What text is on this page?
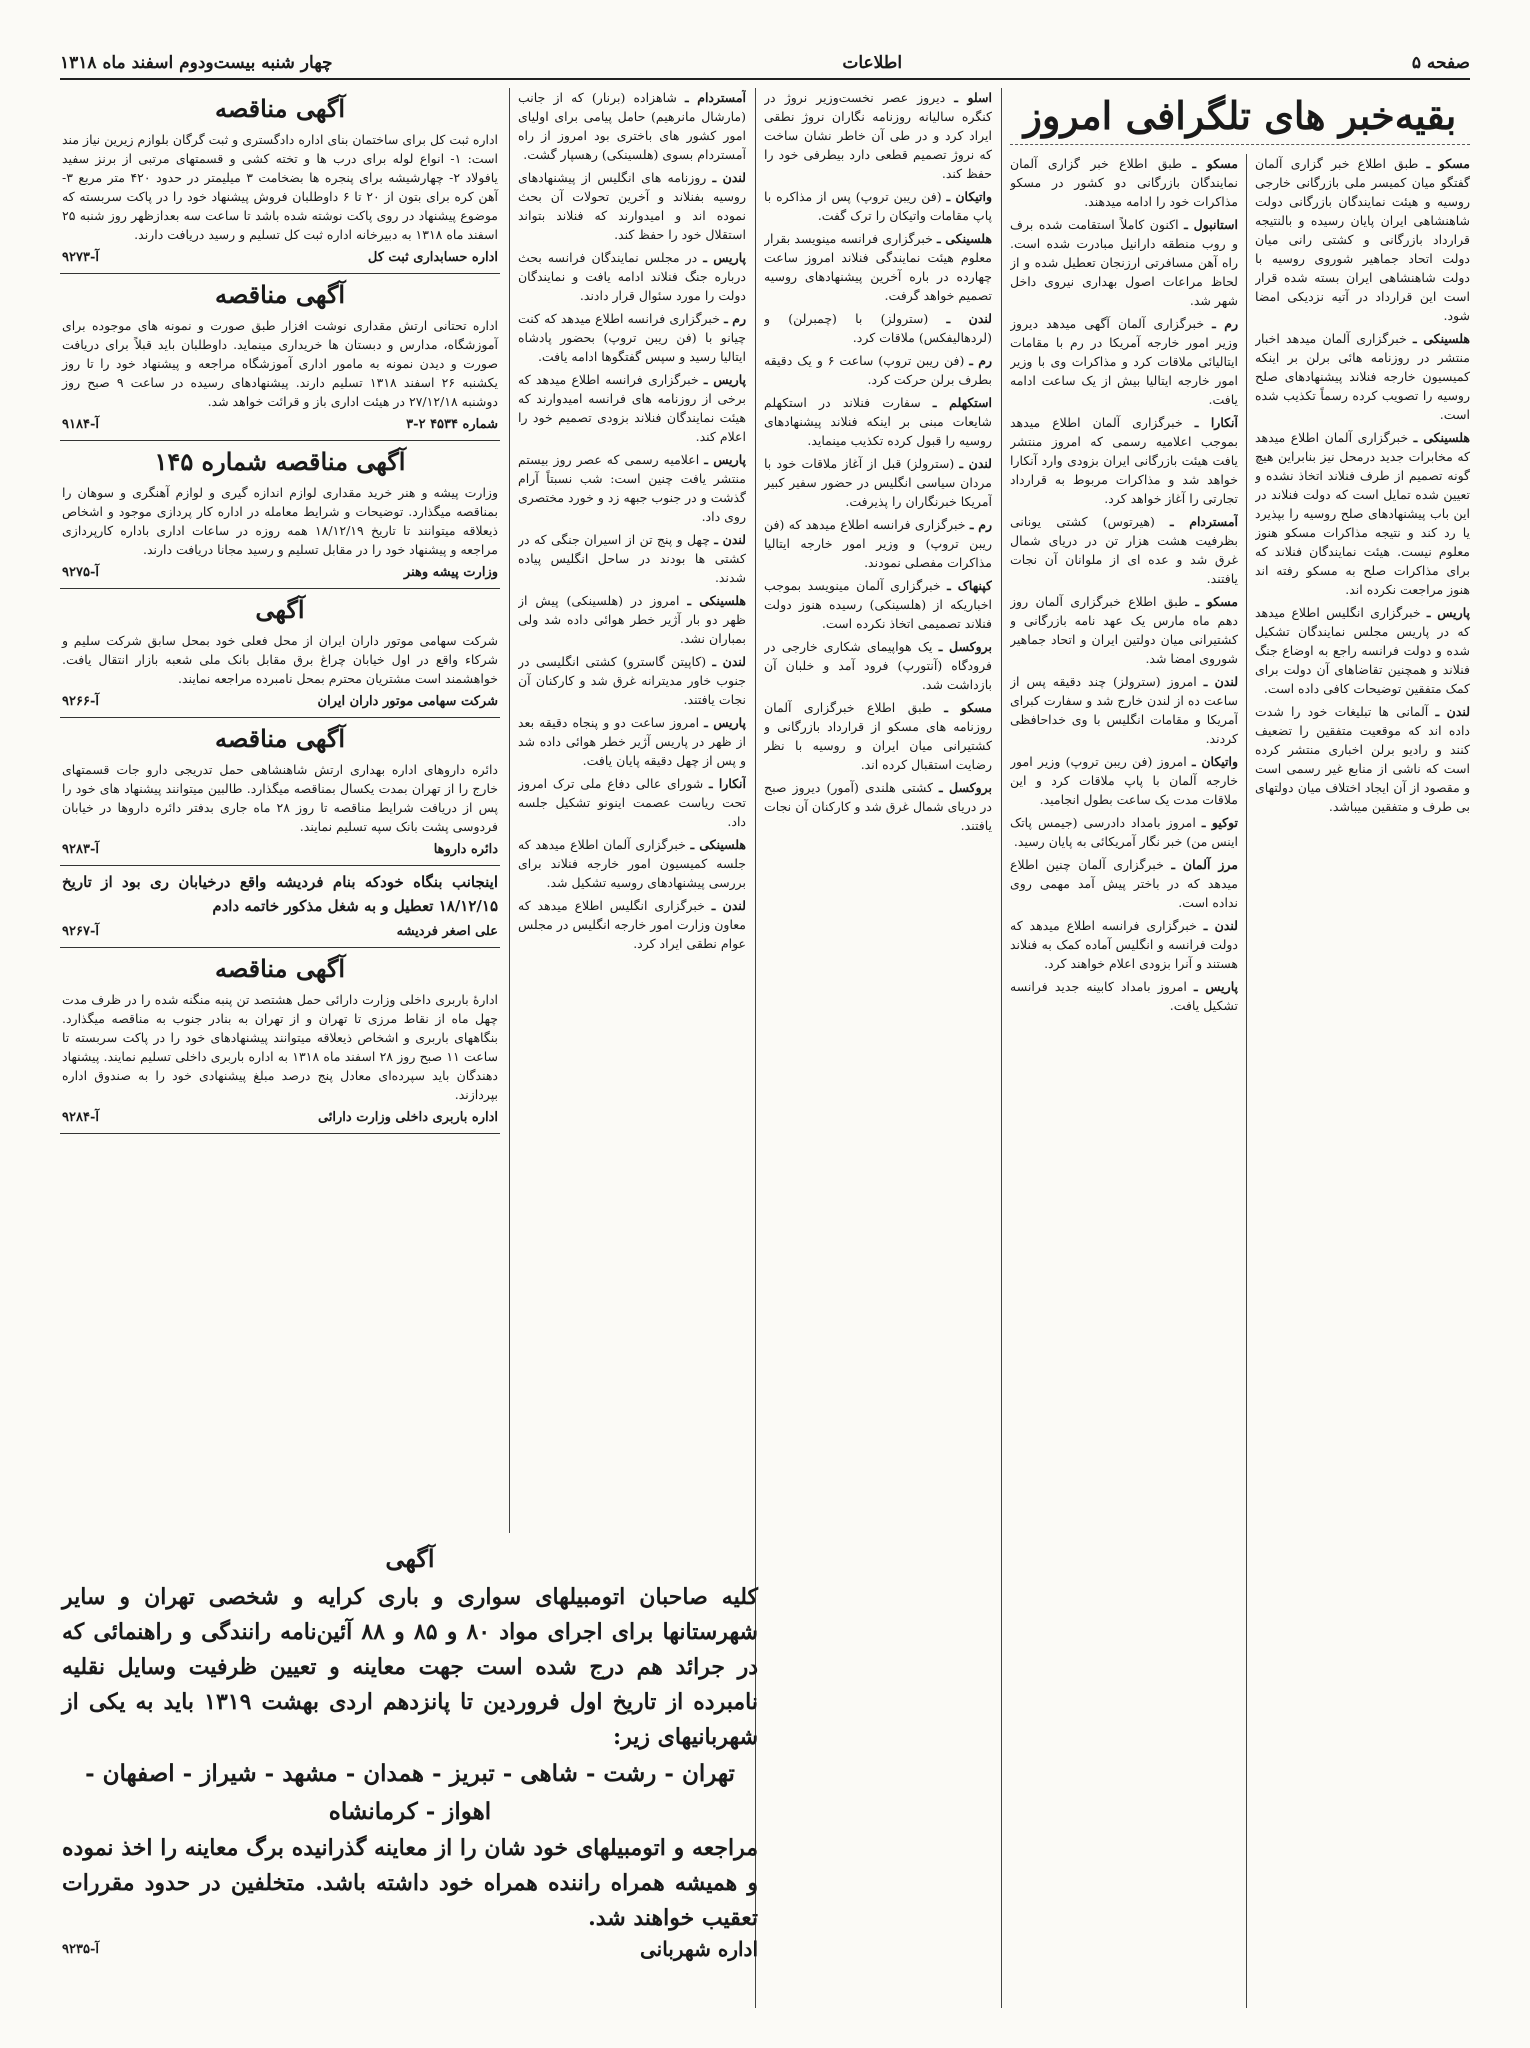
صفحه ۵
اطلاعات
چهار شنبه بیست‌ودوم اسفند ماه ۱۳۱۸

مسکو ـ طبق اطلاع خبر گزاری آلمان گفتگو میان کمیسر ملی بازرگانی خارجی روسیه و هیئت نمایندگان بازرگانی دولت شاهنشاهی ایران پایان رسیده و بالنتیجه قرارداد بازرگانی و کشتی رانی میان دولت اتحاد جماهیر شوروی روسیه با دولت شاهنشاهی ایران بسته شده قرار است این قرارداد در آتیه نزدیکی امضا شود.

هلسینکی ـ خبرگزاری آلمان میدهد اخبار منتشر در روزنامه هائی برلن بر اینکه کمیسیون خارجه فنلاند پیشنهادهای صلح روسیه را تصویب کرده رسماً تکذیب شده است.

هلسینکی ـ خبرگزاری آلمان اطلاع میدهد که مخابرات جدید درمحل نیز بنابراین هیچ گونه تصمیم از طرف فنلاند اتخاذ نشده و تعیین شده تمایل است که دولت فنلاند در این باب پیشنهادهای صلح روسیه را بپذیرد یا رد کند و نتیجه مذاکرات مسکو هنوز معلوم نیست. هیئت نمایندگان فنلاند که برای مذاکرات صلح به مسکو رفته اند هنوز مراجعت نکرده اند.

پاریس ـ خبرگزاری انگلیس اطلاع میدهد که در پاریس مجلس نمایندگان تشکیل شده و دولت فرانسه راجع به اوضاع جنگ فنلاند و همچنین تقاضاهای آن دولت برای کمک متفقین توضیحات کافی داده است.

لندن ـ آلمانی ها تبلیغات خود را شدت داده اند که موقعیت متفقین را تضعیف کنند و رادیو برلن اخباری منتشر کرده است که ناشی از منابع غیر رسمی است و مقصود از آن ایجاد اختلاف میان دولتهای بی طرف و متفقین میباشد.

بقیه‌خبر های تلگرافی امروز

مسکو ـ طبق اطلاع خبر گزاری آلمان نمایندگان بازرگانی دو کشور در مسکو مذاکرات خود را ادامه میدهند.

استانبول ـ اکنون کاملاً استقامت شده برف و روب منطقه دارانیل مبادرت شده است. راه آهن مسافرتی ارزنجان تعطیل شده و از لحاظ مراعات اصول بهداری نیروی داخل شهر شد.

رم ـ خبرگزاری آلمان آگهی میدهد دیروز وزیر امور خارجه آمریکا در رم با مقامات ایتالیائی ملاقات کرد و مذاکرات وی با وزیر امور خارجه ایتالیا بیش از یک ساعت ادامه یافت.

آنکارا ـ خبرگزاری آلمان اطلاع میدهد بموجب اعلامیه رسمی که امروز منتشر یافت هیئت بازرگانی ایران بزودی وارد آنکارا خواهد شد و مذاکرات مربوط به قرارداد تجارتی را آغاز خواهد کرد.

آمستردام ـ (هیرتوس) کشتی یونانی بظرفیت هشت هزار تن در دریای شمال غرق شد و عده ای از ملوانان آن نجات یافتند.

مسکو ـ طبق اطلاع خبرگزاری آلمان روز دهم ماه مارس یک عهد نامه بازرگانی و کشتیرانی میان دولتین ایران و اتحاد جماهیر شوروی امضا شد.

لندن ـ امروز (سترولز) چند دقیقه پس از ساعت ده از لندن خارج شد و سفارت کبرای آمریکا و مقامات انگلیس با وی خداحافظی کردند.

واتیکان ـ امروز (فن ریبن تروپ) وزیر امور خارجه آلمان با پاپ ملاقات کرد و این ملاقات مدت یک ساعت بطول انجامید.

توکیو ـ امروز بامداد دادرسی (جیمس پاتک اینس من) خبر نگار آمریکائی به پایان رسید.

مرز آلمان ـ خبرگزاری آلمان چنین اطلاع میدهد که در باختر پیش آمد مهمی روی نداده است.

لندن ـ خبرگزاری فرانسه اطلاع میدهد که دولت فرانسه و انگلیس آماده کمک به فنلاند هستند و آنرا بزودی اعلام خواهند کرد.

پاریس ـ امروز بامداد کابینه جدید فرانسه تشکیل یافت.

اسلو ـ دیروز عصر نخست‌وزیر نروژ در کنگره سالیانه روزنامه نگاران نروژ نطقی ایراد کرد و در طی آن خاطر نشان ساخت که نروژ تصمیم قطعی دارد بیطرفی خود را حفظ کند.

واتیکان ـ (فن ریبن تروپ) پس از مذاکره با پاپ مقامات واتیکان را ترک گفت.

هلسینکی ـ خبرگزاری فرانسه مینویسد بقرار معلوم هیئت نمایندگی فنلاند امروز ساعت چهارده در باره آخرین پیشنهادهای روسیه تصمیم خواهد گرفت.

لندن ـ (سترولز) با (چمبرلن) و (لردهالیفکس) ملاقات کرد.

رم ـ (فن ریبن تروپ) ساعت ۶ و یک دقیقه بطرف برلن حرکت کرد.

استکهلم ـ سفارت فنلاند در استکهلم شایعات مبنی بر اینکه فنلاند پیشنهادهای روسیه را قبول کرده تکذیب مینماید.

لندن ـ (سترولز) قبل از آغاز ملاقات خود با مردان سیاسی انگلیس در حضور سفیر کبیر آمریکا خبرنگاران را پذیرفت.

رم ـ خبرگزاری فرانسه اطلاع میدهد که (فن ریبن تروپ) و وزیر امور خارجه ایتالیا مذاکرات مفصلی نمودند.

کپنهاک ـ خبرگزاری آلمان مینویسد بموجب اخباریکه از (هلسینکی) رسیده هنوز دولت فنلاند تصمیمی اتخاذ نکرده است.

بروکسل ـ یک هواپیمای شکاری خارجی در فرودگاه (آنتورپ) فرود آمد و خلبان آن بازداشت شد.

مسکو ـ طبق اطلاع خبرگزاری آلمان روزنامه های مسکو از قرارداد بازرگانی و کشتیرانی میان ایران و روسیه با نظر رضایت استقبال کرده اند.

بروکسل ـ کشتی هلندی (آمور) دیروز صبح در دریای شمال غرق شد و کارکنان آن نجات یافتند.

آمستردام ـ شاهزاده (برنار) که از جانب (مارشال مانرهیم) حامل پیامی برای اولیای امور کشور های باختری بود امروز از راه آمستردام بسوی (هلسینکی) رهسپار گشت.

لندن ـ روزنامه های انگلیس از پیشنهادهای روسیه بفنلاند و آخرین تحولات آن بحث نموده اند و امیدوارند که فنلاند بتواند استقلال خود را حفظ کند.

پاریس ـ در مجلس نمایندگان فرانسه بحث درباره جنگ فنلاند ادامه یافت و نمایندگان دولت را مورد سئوال قرار دادند.

رم ـ خبرگزاری فرانسه اطلاع میدهد که کنت چیانو با (فن ریبن تروپ) بحضور پادشاه ایتالیا رسید و سپس گفتگوها ادامه یافت.

پاریس ـ خبرگزاری فرانسه اطلاع میدهد که برخی از روزنامه های فرانسه امیدوارند که هیئت نمایندگان فنلاند بزودی تصمیم خود را اعلام کند.

پاریس ـ اعلامیه رسمی که عصر روز بیستم منتشر یافت چنین است: شب نسبتاً آرام گذشت و در جنوب جبهه زد و خورد مختصری روی داد.

لندن ـ چهل و پنج تن از اسیران جنگی که در کشتی ها بودند در ساحل انگلیس پیاده شدند.

هلسینکی ـ امروز در (هلسینکی) پیش از ظهر دو بار آژیر خطر هوائی داده شد ولی بمباران نشد.

لندن ـ (کاپیتن گاسترو) کشتی انگلیسی در جنوب خاور مدیترانه غرق شد و کارکنان آن نجات یافتند.

پاریس ـ امروز ساعت دو و پنجاه دقیقه بعد از ظهر در پاریس آژیر خطر هوائی داده شد و پس از چهل دقیقه پایان یافت.

آنکارا ـ شورای عالی دفاع ملی ترک امروز تحت ریاست عصمت اینونو تشکیل جلسه داد.

هلسینکی ـ خبرگزاری آلمان اطلاع میدهد که جلسه کمیسیون امور خارجه فنلاند برای بررسی پیشنهادهای روسیه تشکیل شد.

لندن ـ خبرگزاری انگلیس اطلاع میدهد که معاون وزارت امور خارجه انگلیس در مجلس عوام نطقی ایراد کرد.

آگهی مناقصه
اداره ثبت کل برای ساختمان بنای اداره دادگستری و ثبت گرگان بلوازم زیرین نیاز مند است: ۱- انواع لوله برای درب ها و تخته کشی و قسمتهای مرتبی از برنز سفید یافولاد ۲- چهارشیشه برای پنجره ها بضخامت ۳ میلیمتر در حدود ۴۲۰ متر مربع ۳- آهن کره برای بتون از ۲۰ تا ۶ داوطلبان فروش پیشنهاد خود را در پاکت سربسته که موضوع پیشنهاد در روی پاکت نوشته شده باشد تا ساعت سه بعدازظهر روز شنبه ۲۵ اسفند ماه ۱۳۱۸ به دبیرخانه اداره ثبت کل تسلیم و رسید دریافت دارند.
اداره حسابداری ثبت کل
آ-۹۲۷۳
آگهی مناقصه
اداره تحتانی ارتش مقداری نوشت افزار طبق صورت و نمونه های موجوده برای آموزشگاه، مدارس و دبستان ها خریداری مینماید. داوطلبان باید قبلاً برای دریافت صورت و دیدن نمونه به مامور اداری آموزشگاه مراجعه و پیشنهاد خود را تا روز یکشنبه ۲۶ اسفند ۱۳۱۸ تسلیم دارند. پیشنهادهای رسیده در ساعت ۹ صبح روز دوشنبه ۲۷/۱۲/۱۸ در هیئت اداری باز و قرائت خواهد شد.
شماره ۴۵۳۴ ۲-۳
آ-۹۱۸۴
آگهی مناقصه شماره ۱۴۵
وزارت پیشه و هنر خرید مقداری لوازم اندازه گیری و لوازم آهنگری و سوهان را بمناقصه میگذارد. توضیحات و شرایط معامله در اداره کار پردازی موجود و اشخاص ذیعلاقه میتوانند تا تاریخ ۱۸/۱۲/۱۹ همه روزه در ساعات اداری باداره کارپردازی مراجعه و پیشنهاد خود را در مقابل تسلیم و رسید مجانا دریافت دارند.
وزارت پیشه وهنر
آ-۹۲۷۵
آگهی
شرکت سهامی موتور داران ایران از محل فعلی خود بمحل سابق شرکت سلیم و شرکاء واقع در اول خیابان چراغ برق مقابل بانک ملی شعبه بازار انتقال یافت. خواهشمند است مشتریان محترم بمحل نامبرده مراجعه نمایند.
شرکت سهامی موتور داران ایران
آ-۹۲۶۶
آگهی مناقصه
دائره داروهای اداره بهداری ارتش شاهنشاهی حمل تدریجی دارو جات قسمتهای خارج را از تهران بمدت یکسال بمناقصه میگذارد. طالبین میتوانند پیشنهاد های خود را پس از دریافت شرایط مناقصه تا روز ۲۸ ماه جاری بدفتر دائره داروها در خیابان فردوسی پشت بانک سپه تسلیم نمایند.
دائره داروها
آ-۹۲۸۳
اینجانب بنگاه خودکه بنام فردیشه واقع درخیابان ری بود از تاریخ ۱۸/۱۲/۱۵ تعطیل و به شغل مذکور خاتمه دادم
علی اصغر فردیشه
آ-۹۲۶۷
آگهی مناقصه
ادارهٔ باربری داخلی وزارت دارائی حمل هشتصد تن پنبه منگنه شده را در ظرف مدت چهل ماه از نقاط مرزی تا تهران و از تهران به بنادر جنوب به مناقصه میگذارد. بنگاههای باربری و اشخاص ذیعلاقه میتوانند پیشنهادهای خود را در پاکت سربسته تا ساعت ۱۱ صبح روز ۲۸ اسفند ماه ۱۳۱۸ به اداره باربری داخلی تسلیم نمایند. پیشنهاد دهندگان باید سپرده‌ای معادل پنج درصد مبلغ پیشنهادی خود را به صندوق اداره بپردازند.
اداره باربری داخلی وزارت دارائی
آ-۹۲۸۴
آگهی
کلیه صاحبان اتومبیلهای سواری و باری کرایه و شخصی تهران و سایر شهرستانها برای اجرای مواد ۸۰ و ۸۵ و ۸۸ آئین‌نامه رانندگی و راهنمائی که در جرائد هم درج شده است جهت معاینه و تعیین ظرفیت وسایل نقلیه نامبرده از تاریخ اول فروردین تا پانزدهم اردی بهشت ۱۳۱۹ باید به یکی از شهربانیهای زیر:
تهران - رشت - شاهی - تبریز - همدان - مشهد - شیراز - اصفهان - اهواز - کرمانشاه
مراجعه و اتومبیلهای خود شان را از معاینه گذرانیده برگ معاینه را اخذ نموده و همیشه همراه راننده همراه خود داشته باشد. متخلفین در حدود مقررات تعقیب خواهند شد.
اداره شهربانی
آ-۹۲۳۵
